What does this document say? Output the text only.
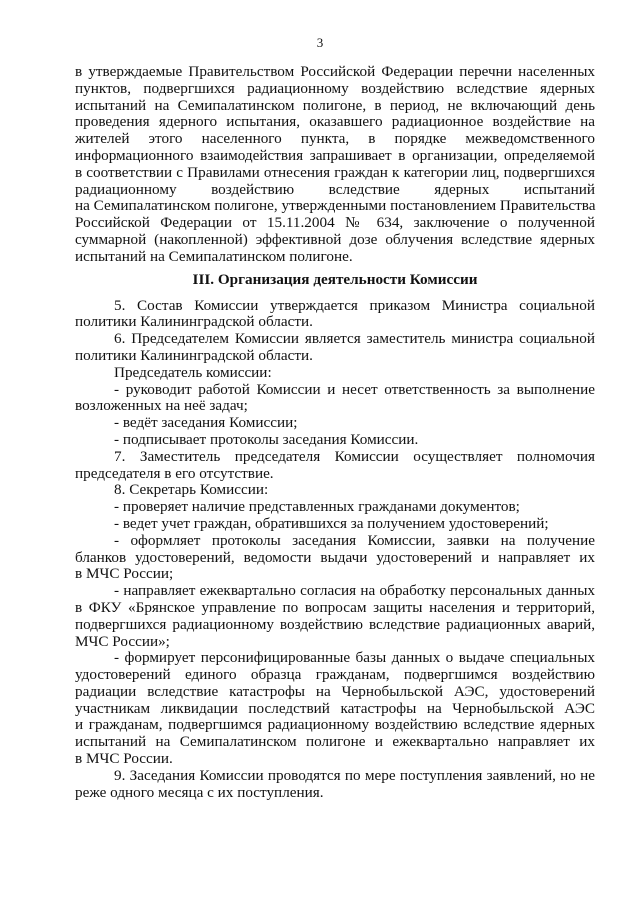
3
в утверждаемые Правительством Российской Федерации перечни населенных
пунктов, подвергшихся радиационному воздействию вследствие ядерных
испытаний на Семипалатинском полигоне, в период, не включающий день
проведения ядерного испытания, оказавшего радиационное воздействие на
жителей этого населенного пункта, в порядке межведомственного
информационного взаимодействия запрашивает в организации, определяемой
в соответствии с Правилами отнесения граждан к категории лиц, подвергшихся
радиационному воздействию вследствие ядерных испытаний
на Семипалатинском полигоне, утвержденными постановлением Правительства
Российской Федерации от 15.11.2004 № 634, заключение о полученной
суммарной (накопленной) эффективной дозе облучения вследствие ядерных
испытаний на Семипалатинском полигоне.
III. Организация деятельности Комиссии
5. Состав Комиссии утверждается приказом Министра социальной
политики Калининградской области.
6. Председателем Комиссии является заместитель министра социальной
политики Калининградской области.
Председатель комиссии:
- руководит работой Комиссии и несет ответственность за выполнение
возложенных на неё задач;
- ведёт заседания Комиссии;
- подписывает протоколы заседания Комиссии.
7. Заместитель председателя Комиссии осуществляет полномочия
председателя в его отсутствие.
8. Секретарь Комиссии:
- проверяет наличие представленных гражданами документов;
- ведет учет граждан, обратившихся за получением удостоверений;
- оформляет протоколы заседания Комиссии, заявки на получение
бланков удостоверений, ведомости выдачи удостоверений и направляет их
в МЧС России;
- направляет ежеквартально согласия на обработку персональных данных
в ФКУ «Брянское управление по вопросам защиты населения и территорий,
подвергшихся радиационному воздействию вследствие радиационных аварий,
МЧС России»;
- формирует персонифицированные базы данных о выдаче специальных
удостоверений единого образца гражданам, подвергшимся воздействию
радиации вследствие катастрофы на Чернобыльской АЭС, удостоверений
участникам ликвидации последствий катастрофы на Чернобыльской АЭС
и гражданам, подвергшимся радиационному воздействию вследствие ядерных
испытаний на Семипалатинском полигоне и ежеквартально направляет их
в МЧС России.
9. Заседания Комиссии проводятся по мере поступления заявлений, но не
реже одного месяца с их поступления.
